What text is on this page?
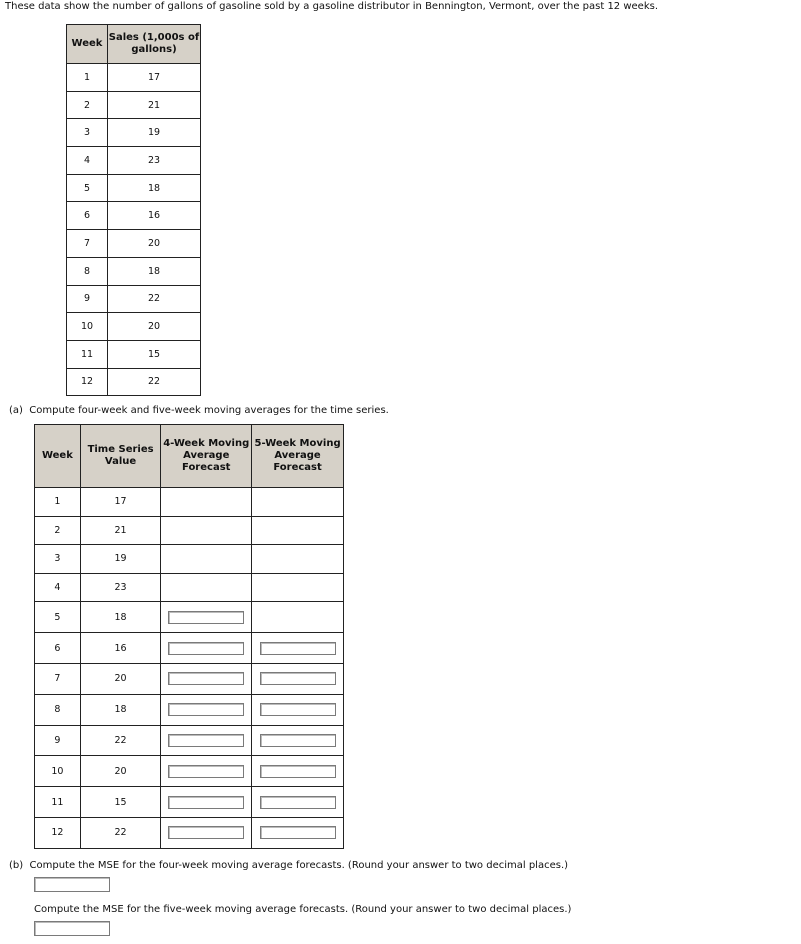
These data show the number of gallons of gasoline sold by a gasoline distributor in Bennington, Vermont, over the past 12 weeks.
Week	Sales (1,000s of gallons)
1	17
2	21
3	19
4	23
5	18
6	16
7	20
8	18
9	22
10	20
11	15
12	22
(a) Compute four-week and five-week moving averages for the time series.
Week	Time Series Value	4-Week Moving Average Forecast	5-Week Moving Average Forecast
1	17		
2	21		
3	19		
4	23		
5	18		
6	16		
7	20		
8	18		
9	22		
10	20		
11	15		
12	22		
(b) Compute the MSE for the four-week moving average forecasts. (Round your answer to two decimal places.)
Compute the MSE for the five-week moving average forecasts. (Round your answer to two decimal places.)
